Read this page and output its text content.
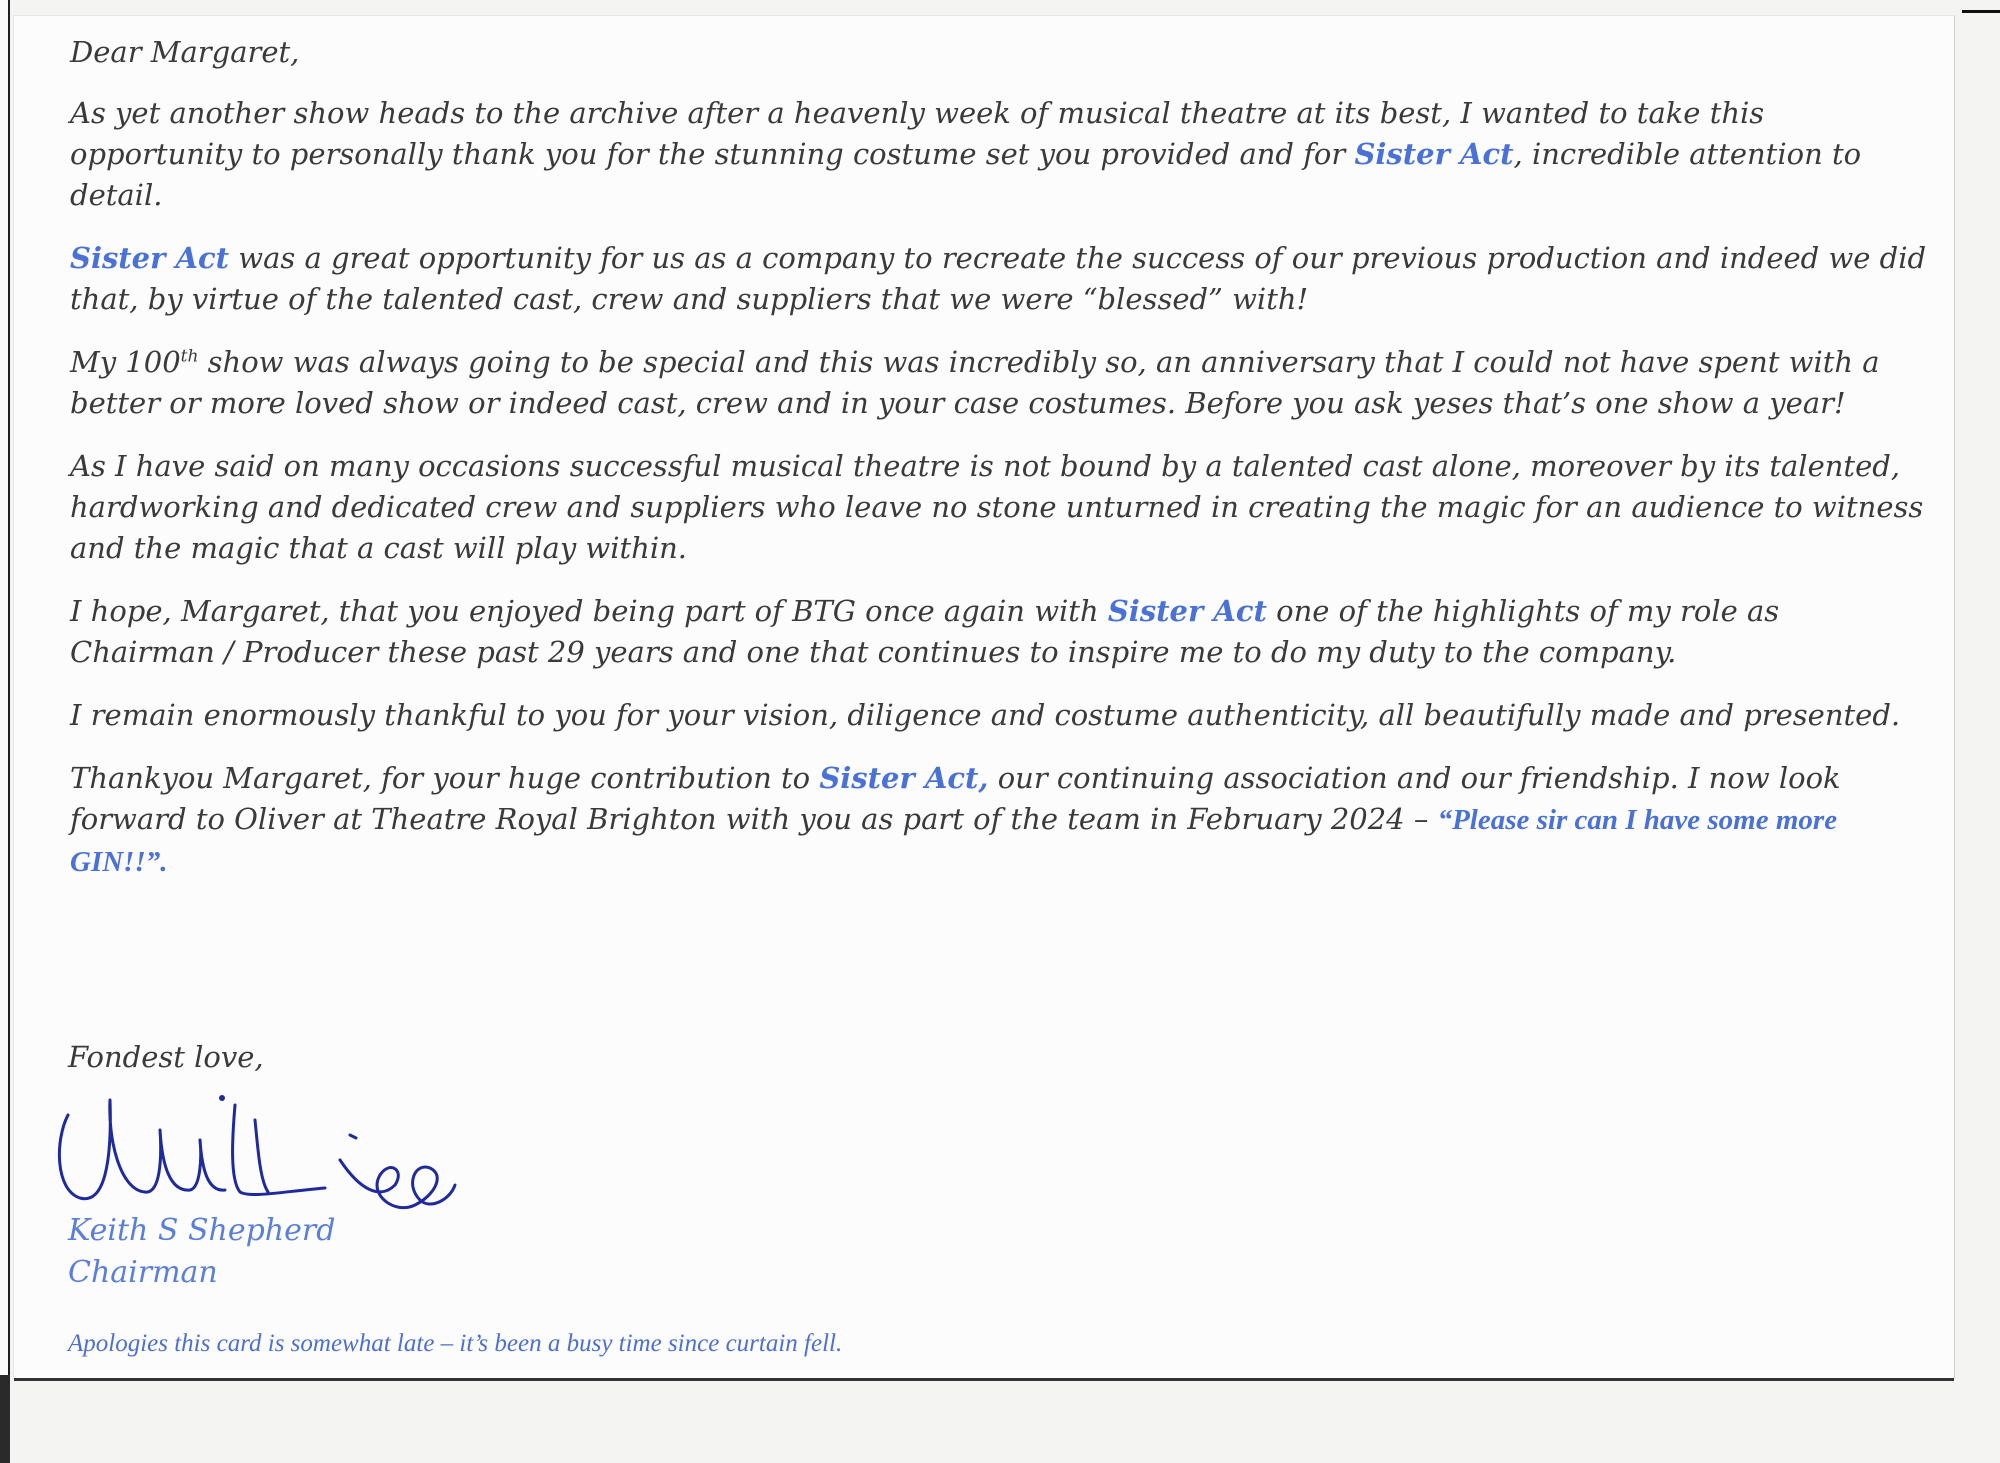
Dear Margaret,

As yet another show heads to the archive after a heavenly week of musical theatre at its best, I wanted to take this opportunity to personally thank you for the stunning costume set you provided and for Sister Act, incredible attention to detail.

Sister Act was a great opportunity for us as a company to recreate the success of our previous production and indeed we did that, by virtue of the talented cast, crew and suppliers that we were “blessed” with!

My 100th show was always going to be special and this was incredibly so, an anniversary that I could not have spent with a better or more loved show or indeed cast, crew and in your case costumes. Before you ask yeses that’s one show a year!

As I have said on many occasions successful musical theatre is not bound by a talented cast alone, moreover by its talented, hardworking and dedicated crew and suppliers who leave no stone unturned in creating the magic for an audience to witness and the magic that a cast will play within.

I hope, Margaret, that you enjoyed being part of BTG once again with Sister Act one of the highlights of my role as Chairman / Producer these past 29 years and one that continues to inspire me to do my duty to the company.

I remain enormously thankful to you for your vision, diligence and costume authenticity, all beautifully made and presented.

Thankyou Margaret, for your huge contribution to Sister Act, our continuing association and our friendship. I now look forward to Oliver at Theatre Royal Brighton with you as part of the team in February 2024 – “Please sir can I have some more GIN!!”.

Fondest love,
Keith S Shepherd
Chairman
Apologies this card is somewhat late – it’s been a busy time since curtain fell.
